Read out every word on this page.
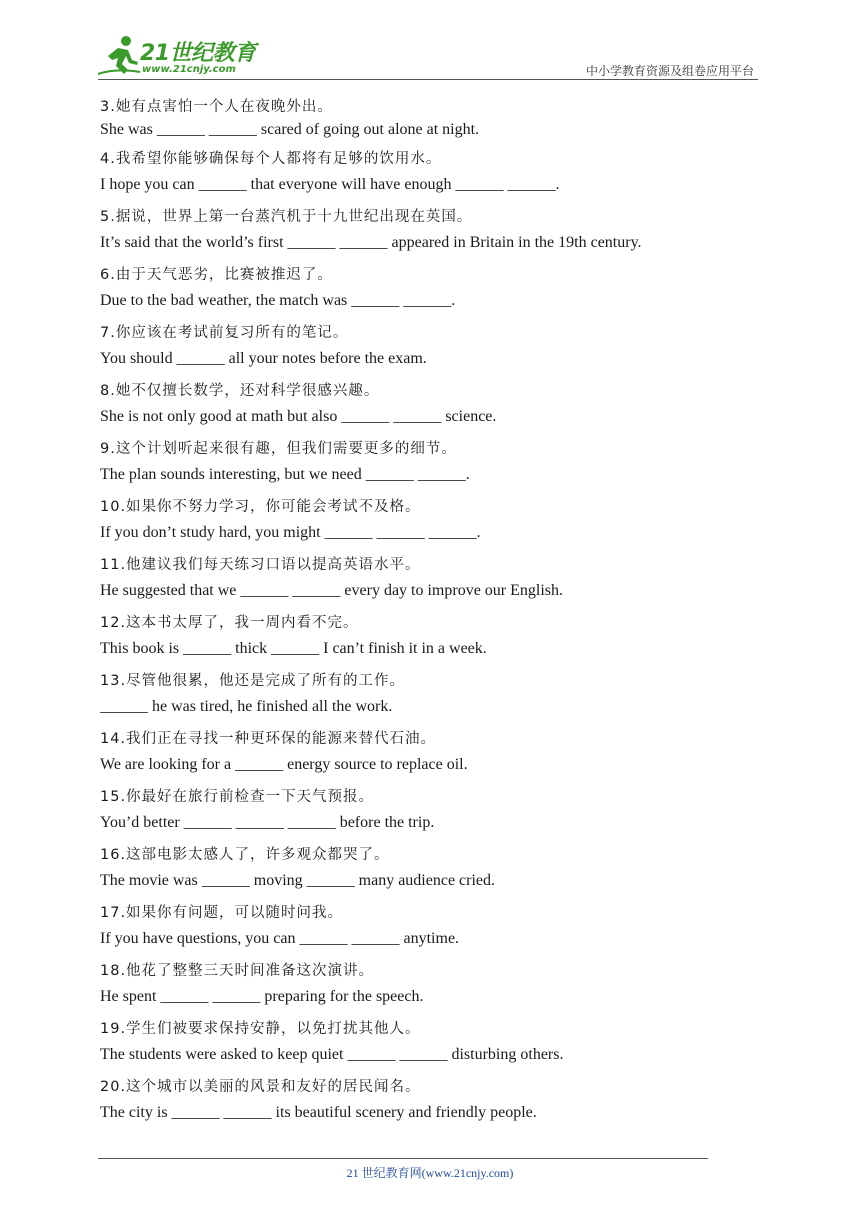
21世纪教育
www.21cnjy.com	中小学教育资源及组卷应用平台
3.她有点害怕一个人在夜晚外出。
She was ______ ______ scared of going out alone at night.
4.我希望你能够确保每个人都将有足够的饮用水。
I hope you can ______ that everyone will have enough ______ ______.
5.据说，世界上第一台蒸汽机于十九世纪出现在英国。
It’s said that the world’s first ______ ______ appeared in Britain in the 19th century.
6.由于天气恶劣，比赛被推迟了。
Due to the bad weather, the match was ______ ______.
7.你应该在考试前复习所有的笔记。
You should ______ all your notes before the exam.
8.她不仅擅长数学，还对科学很感兴趣。
She is not only good at math but also ______ ______ science.
9.这个计划听起来很有趣，但我们需要更多的细节。
The plan sounds interesting, but we need ______ ______.
10.如果你不努力学习，你可能会考试不及格。
If you don’t study hard, you might ______ ______ ______.
11.他建议我们每天练习口语以提高英语水平。
He suggested that we ______ ______ every day to improve our English.
12.这本书太厚了，我一周内看不完。
This book is ______ thick ______ I can’t finish it in a week.
13.尽管他很累，他还是完成了所有的工作。
______ he was tired, he finished all the work.
14.我们正在寻找一种更环保的能源来替代石油。
We are looking for a ______ energy source to replace oil.
15.你最好在旅行前检查一下天气预报。
You’d better ______ ______ ______ before the trip.
16.这部电影太感人了，许多观众都哭了。
The movie was ______ moving ______ many audience cried.
17.如果你有问题，可以随时问我。
If you have questions, you can ______ ______ anytime.
18.他花了整整三天时间准备这次演讲。
He spent ______ ______ preparing for the speech.
19.学生们被要求保持安静，以免打扰其他人。
The students were asked to keep quiet ______ ______ disturbing others.
20.这个城市以美丽的风景和友好的居民闻名。
The city is ______ ______ its beautiful scenery and friendly people.
21 世纪教育网(www.21cnjy.com)
